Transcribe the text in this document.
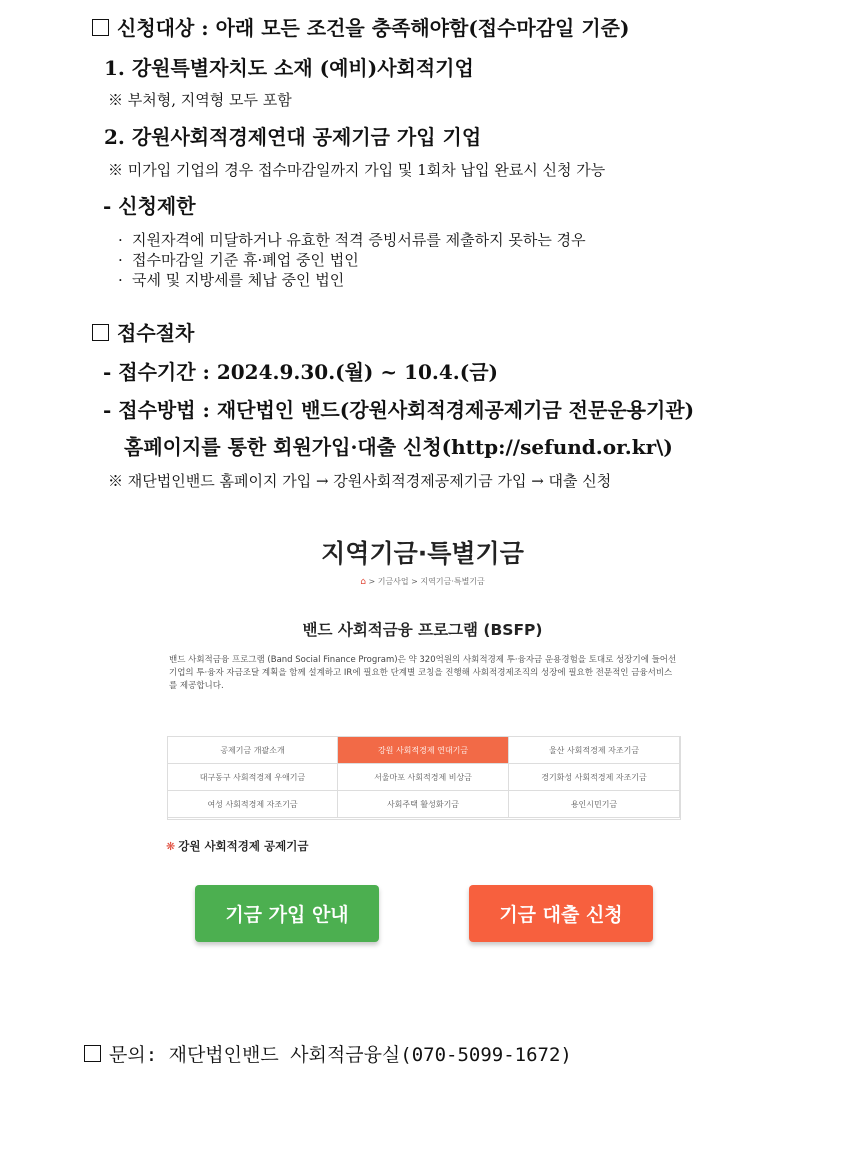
신청대상 : 아래 모든 조건을 충족해야함(접수마감일 기준)
1. 강원특별자치도 소재 (예비)사회적기업
※ 부처형, 지역형 모두 포함
2. 강원사회적경제연대 공제기금 가입 기업
※ 미가입 기업의 경우 접수마감일까지 가입 및 1회차 납입 완료시 신청 가능
- 신청제한
· 지원자격에 미달하거나 유효한 적격 증빙서류를 제출하지 못하는 경우
· 접수마감일 기준 휴·폐업 중인 법인
· 국세 및 지방세를 체납 중인 법인
접수절차
- 접수기간 : 2024.9.30.(월) ~ 10.4.(금)
- 접수방법 : 재단법인 밴드(강원사회적경제공제기금 전문운용기관)
홈페이지를 통한 회원가입·대출 신청(http://sefund.or.kr\)
※ 재단법인밴드 홈페이지 가입 → 강원사회적경제공제기금 가입 → 대출 신청
지역기금·특별기금
⌂ > 기금사업 > 지역기금·특별기금
밴드 사회적금융 프로그램 (BSFP)
밴드 사회적금융 프로그램 (Band Social Finance Program)은 약 320억원의 사회적경제 투·융자금 운용경험을 토대로 성장기에 들어선 기업의 투·융자 자금조달 계획을 함께 설계하고 IR에 필요한 단계별 코칭을 진행해 사회적경제조직의 성장에 필요한 전문적인 금융서비스를 제공합니다.
공제기금 개괄소개	강원 사회적경제 연대기금	울산 사회적경제 자조기금
대구동구 사회적경제 우애기금	서울마포 사회적경제 비상금	경기화성 사회적경제 자조기금
여성 사회적경제 자조기금	사회주택 활성화기금	용인시민기금
❋ 강원 사회적경제 공제기금
기금 가입 안내	기금 대출 신청
문의: 재단법인밴드 사회적금융실(070-5099-1672)
